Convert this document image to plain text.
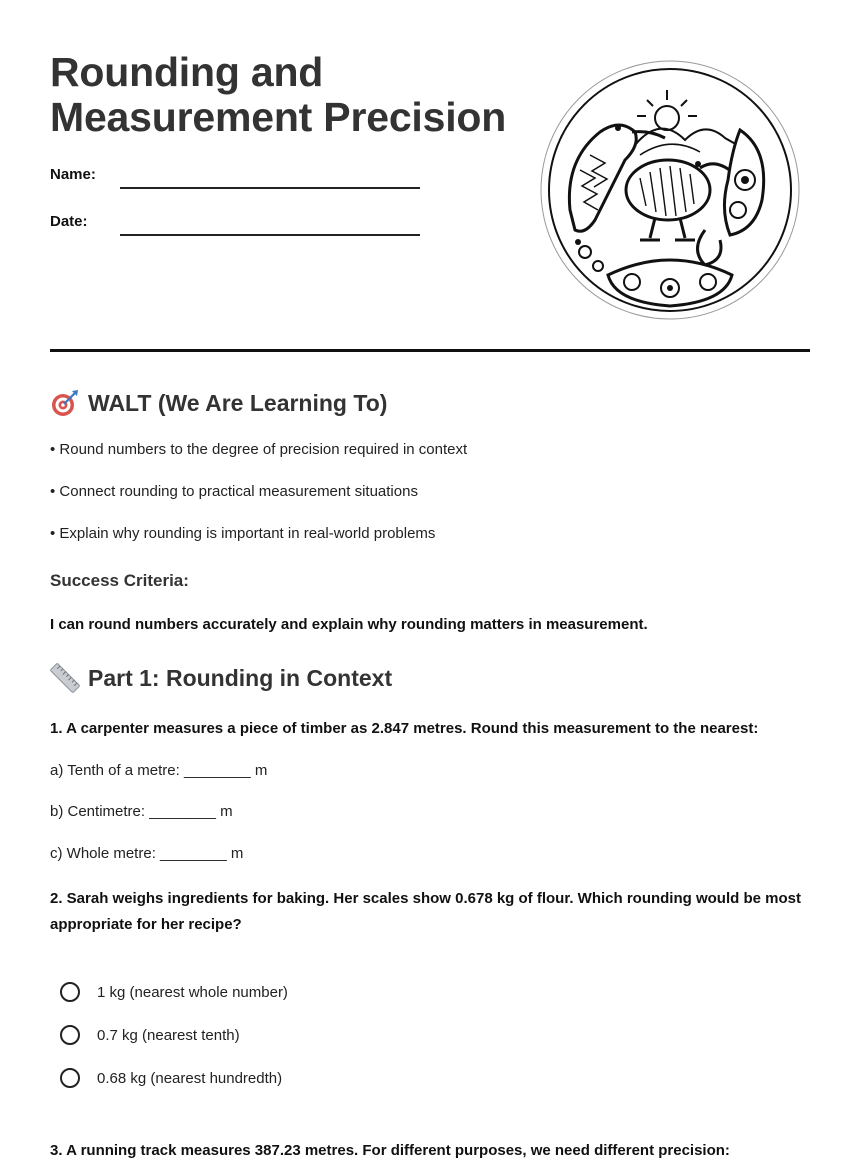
Rounding and
Measurement Precision
Name:
Date:
WALT (We Are Learning To)
• Round numbers to the degree of precision required in context
• Connect rounding to practical measurement situations
• Explain why rounding is important in real-world problems
Success Criteria:
I can round numbers accurately and explain why rounding matters in measurement.
Part 1: Rounding in Context
1. A carpenter measures a piece of timber as 2.847 metres. Round this measurement to the nearest:
a) Tenth of a metre: ________ m
b) Centimetre: ________ m
c) Whole metre: ________ m
2. Sarah weighs ingredients for baking. Her scales show 0.678 kg of flour. Which rounding would be most appropriate for her recipe?
1 kg (nearest whole number)
0.7 kg (nearest tenth)
0.68 kg (nearest hundredth)
3. A running track measures 387.23 metres. For different purposes, we need different precision:
